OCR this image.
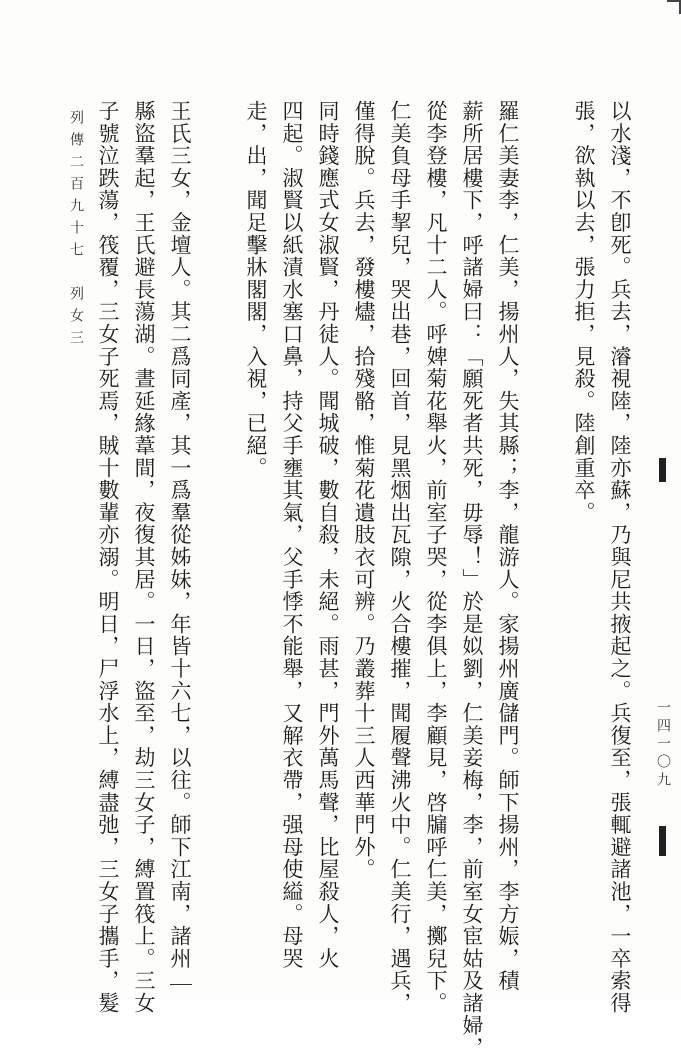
以水淺，不卽死。兵去，濬視陸，陸亦蘇，乃與尼共掖起之。兵復至，張輒避諸池，一卒索得

張，欲執以去，張力拒，見殺。陸創重卒。

羅仁美妻李，仁美，揚州人，失其縣；李，龍游人。家揚州廣儲門。師下揚州，李方娠，積

薪所居樓下，呼諸婦曰：「願死者共死，毋辱！」於是姒劉，仁美妾梅，李，前室女宦姑及諸婦，

從李登樓，凡十二人。呼婢菊花舉火，前室子哭，從李俱上，李顧見，啓牖呼仁美，擲兒下。

仁美負母手挈兒，哭出巷，回首，見黑烟出瓦隙，火合樓摧，聞履聲沸火中。仁美行，遇兵，

僅得脫。兵去，發樓燼，拾殘骼，惟菊花遺肢衣可辨。乃叢葬十三人西華門外。

同時錢應式女淑賢，丹徒人。聞城破，數自殺，未絕。雨甚，門外萬馬聲，比屋殺人，火

四起。淑賢以紙漬水塞口鼻，持父手壅其氣，父手悸不能舉，又解衣帶，强母使縊。母哭

走，出，聞足擊牀閣閣，入視，已絕。

王氏三女，金壇人。其二爲同產，其一爲羣從姊妹，年皆十六七，以往。師下江南，諸州

縣盜羣起，王氏避長蕩湖。晝延緣葦間，夜復其居。一日，盜至，劫三女子，縛置筏上。三女

子號泣跌蕩，筏覆，三女子死焉，賊十數輩亦溺。明日，尸浮水上，縛盡弛，三女子攜手，髮

列傳二百九十七　列女三

一四一〇九
